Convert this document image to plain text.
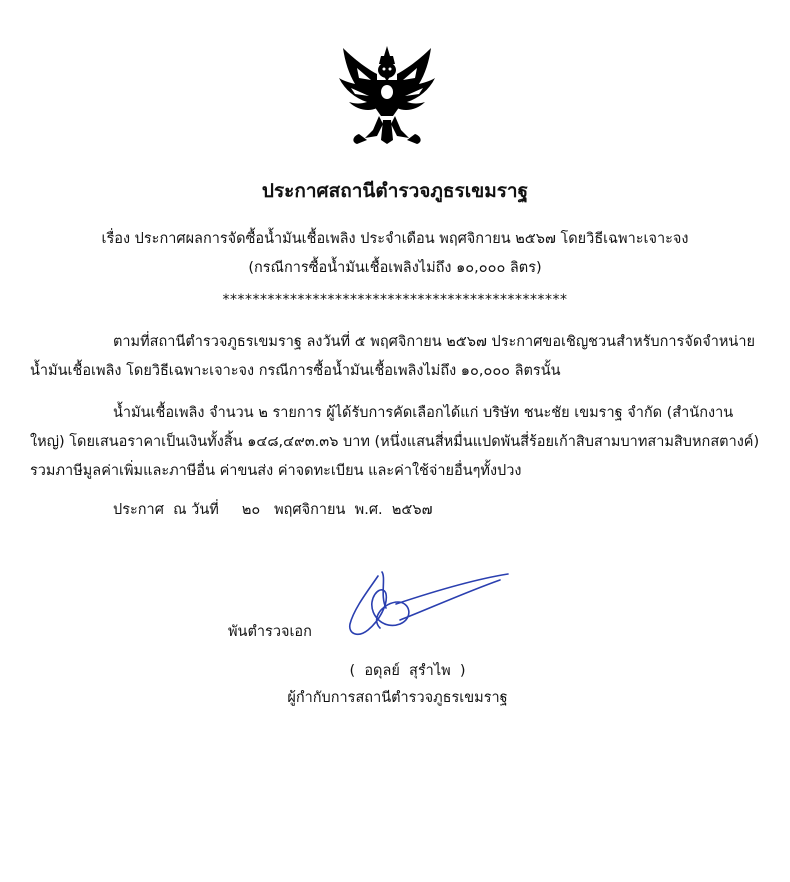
ประกาศสถานีตำรวจภูธรเขมราฐ

เรื่อง ประกาศผลการจัดซื้อน้ำมันเชื้อเพลิง ประจำเดือน พฤศจิกายน ๒๕๖๗ โดยวิธีเฉพาะเจาะจง

(กรณีการซื้อน้ำมันเชื้อเพลิงไม่ถึง ๑๐,๐๐๐ ลิตร)

**********************************************

ตามที่สถานีตำรวจภูธรเขมราฐ ลงวันที่ ๕ พฤศจิกายน ๒๕๖๗ ประกาศขอเชิญชวนสำหรับการจัดจำหน่ายน้ำมันเชื้อเพลิง โดยวิธีเฉพาะเจาะจง กรณีการซื้อน้ำมันเชื้อเพลิงไม่ถึง ๑๐,๐๐๐ ลิตรนั้น

น้ำมันเชื้อเพลิง จำนวน ๒ รายการ ผู้ได้รับการคัดเลือกได้แก่ บริษัท ชนะชัย เขมราฐ จำกัด (สำนักงานใหญ่) โดยเสนอราคาเป็นเงินทั้งสิ้น ๑๔๘,๔๙๓.๓๖ บาท (หนึ่งแสนสี่หมื่นแปดพันสี่ร้อยเก้าสิบสามบาทสามสิบหกสตางค์) รวมภาษีมูลค่าเพิ่มและภาษีอื่น ค่าขนส่ง ค่าจดทะเบียน และค่าใช้จ่ายอื่นๆทั้งปวง

ประกาศ  ณ วันที่     ๒๐   พฤศจิกายน  พ.ศ.  ๒๕๖๗

พันตำรวจเอก

(  อดุลย์  สุรำไพ  )

ผู้กำกับการสถานีตำรวจภูธรเขมราฐ
